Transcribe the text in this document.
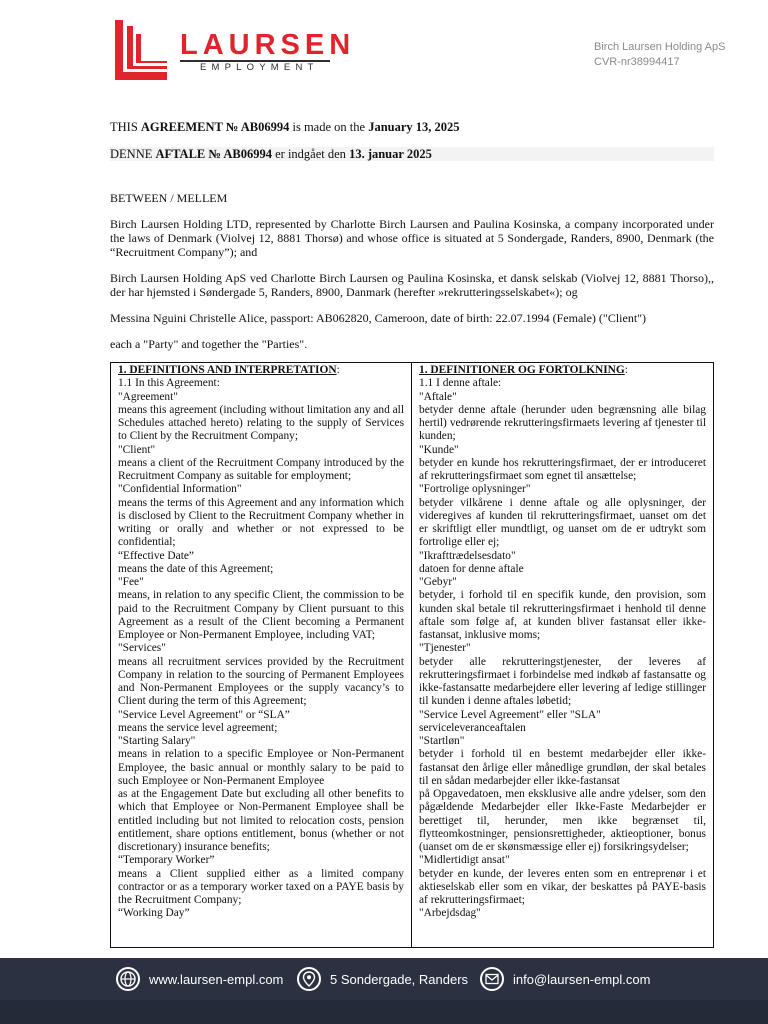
LAURSEN
EMPLOYMENT
Birch Laursen Holding ApS
CVR-nr38994417

THIS AGREEMENT № AB06994 is made on the January 13, 2025

DENNE AFTALE № AB06994 er indgået den 13. januar 2025

BETWEEN / MELLEM

Birch Laursen Holding LTD, represented by Charlotte Birch Laursen and Paulina Kosinska, a company incorporated under the laws of Denmark (Violvej 12, 8881 Thorsø) and whose office is situated at 5 Sondergade, Randers, 8900, Denmark (the “Recruitment Company”); and

Birch Laursen Holding ApS ved Charlotte Birch Laursen og Paulina Kosinska, et dansk selskab (Violvej 12, 8881 Thorso),, der har hjemsted i Søndergade 5, Randers, 8900, Danmark (herefter »rekrutteringsselskabet«); og

Messina Nguini Christelle Alice, passport: AB062820, Cameroon, date of birth: 22.07.1994 (Female) ("Client")

each a "Party" and together the "Parties".

1. DEFINITIONS AND INTERPRETATION:
1.1 In this Agreement:
"Agreement"
means this agreement (including without limitation any and all Schedules attached hereto) relating to the supply of Services to Client by the Recruitment Company;
"Client"
means a client of the Recruitment Company introduced by the Recruitment Company as suitable for employment;
"Confidential Information"
means the terms of this Agreement and any information which is disclosed by Client to the Recruitment Company whether in writing or orally and whether or not expressed to be confidential;
“Effective Date”
means the date of this Agreement;
"Fee"
means, in relation to any specific Client, the commission to be paid to the Recruitment Company by Client pursuant to this Agreement as a result of the Client becoming a Permanent Employee or Non-Permanent Employee, including VAT;
"Services"
means all recruitment services provided by the Recruitment Company in relation to the sourcing of Permanent Employees and Non-Permanent Employees or the supply vacancy’s to Client during the term of this Agreement;
"Service Level Agreement" or “SLA”
means the service level agreement;
"Starting Salary"
means in relation to a specific Employee or Non-Permanent Employee, the basic annual or monthly salary to be paid to such Employee or Non-Permanent Employee
as at the Engagement Date but excluding all other benefits to which that Employee or Non-Permanent Employee shall be entitled including but not limited to relocation costs, pension entitlement, share options entitlement, bonus (whether or not discretionary) insurance benefits;
“Temporary Worker”
means a Client supplied either as a limited company contractor or as a temporary worker taxed on a PAYE basis by the Recruitment Company;
“Working Day”
1. DEFINITIONER OG FORTOLKNING:
1.1 I denne aftale:
"Aftale"
betyder denne aftale (herunder uden begrænsning alle bilag hertil) vedrørende rekrutteringsfirmaets levering af tjenester til kunden;
"Kunde"
betyder en kunde hos rekrutteringsfirmaet, der er introduceret af rekrutteringsfirmaet som egnet til ansættelse;
"Fortrolige oplysninger"
betyder vilkårene i denne aftale og alle oplysninger, der videregives af kunden til rekrutteringsfirmaet, uanset om det er skriftligt eller mundtligt, og uanset om de er udtrykt som fortrolige eller ej;
"Ikrafttrædelsesdato"
datoen for denne aftale
"Gebyr"
betyder, i forhold til en specifik kunde, den provision, som kunden skal betale til rekrutteringsfirmaet i henhold til denne aftale som følge af, at kunden bliver fastansat eller ikke-fastansat, inklusive moms;
"Tjenester"
betyder alle rekrutteringstjenester, der leveres af rekrutteringsfirmaet i forbindelse med indkøb af fastansatte og ikke-fastansatte medarbejdere eller levering af ledige stillinger til kunden i denne aftales løbetid;
"Service Level Agreement" eller "SLA"
serviceleveranceaftalen
"Startløn"
betyder i forhold til en bestemt medarbejder eller ikke-fastansat den årlige eller månedlige grundløn, der skal betales til en sådan medarbejder eller ikke-fastansat
på Opgavedatoen, men eksklusive alle andre ydelser, som den pågældende Medarbejder eller Ikke-Faste Medarbejder er berettiget til, herunder, men ikke begrænset til, flytteomkostninger, pensionsrettigheder, aktieoptioner, bonus (uanset om de er skønsmæssige eller ej) forsikringsydelser;
"Midlertidigt ansat"
betyder en kunde, der leveres enten som en entreprenør i et aktieselskab eller som en vikar, der beskattes på PAYE-basis af rekrutteringsfirmaet;
"Arbejdsdag"
www.laursen-empl.com	5 Sondergade, Randers	info@laursen-empl.com
